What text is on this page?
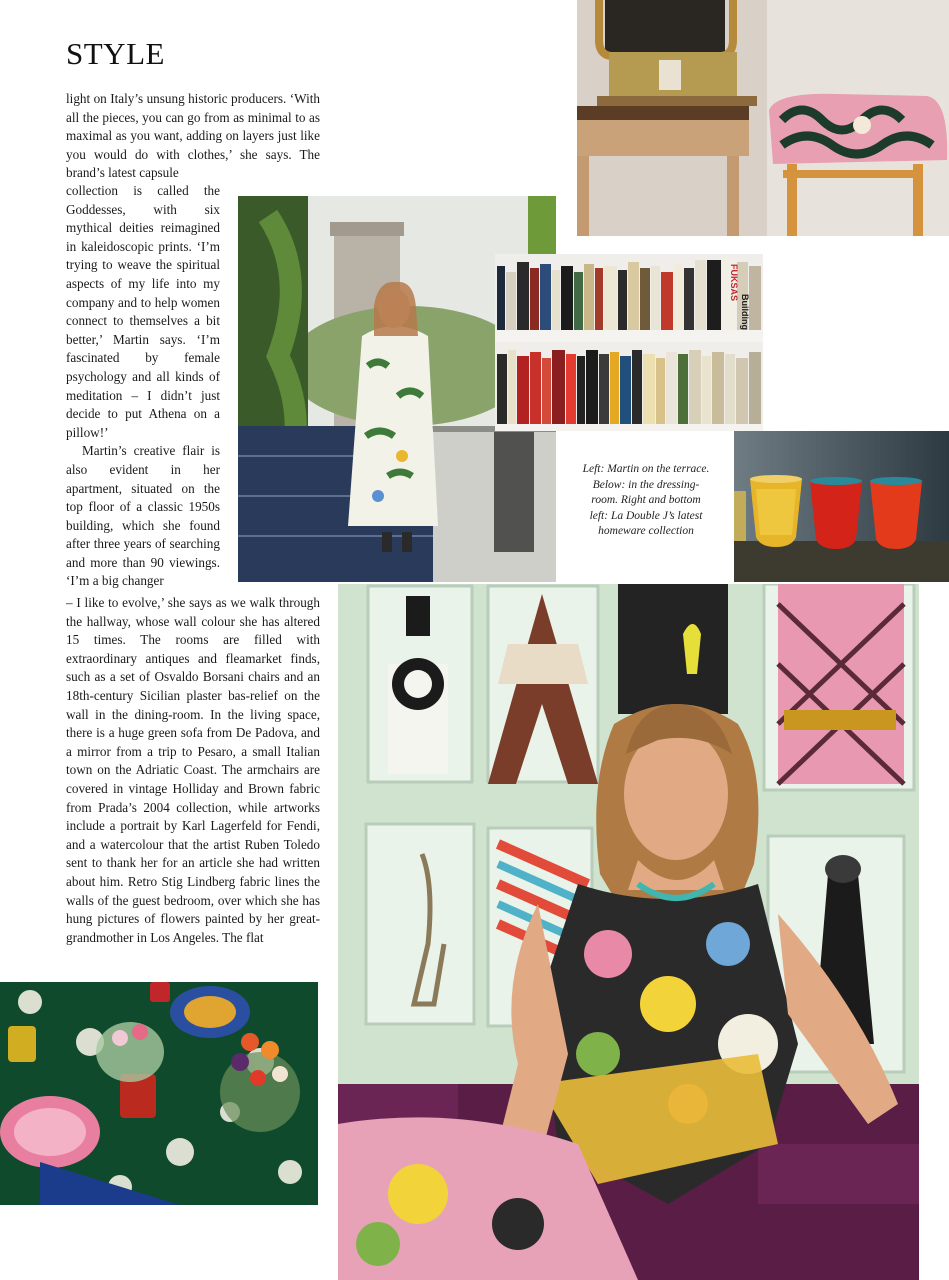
STYLE

light on Italy’s unsung historic producers. ‘With all the pieces, you can go from as minimal to as maximal as you want, adding on layers just like you would do with clothes,’ she says. The brand’s latest capsule

collection is called the Goddesses, with six mythical deities reimagined in kaleidoscopic prints. ‘I’m trying to weave the spiritual aspects of my life into my company and to help women connect to themselves a bit better,’ Martin says. ‘I’m fascinated by female psychology and all kinds of meditation – I didn’t just decide to put Athena on a pillow!’

Martin’s creative flair is also evident in her apartment, situated on the top floor of a classic 1950s building, which she found after three years of searching and more than 90 viewings. ‘I’m a big changer

– I like to evolve,’ she says as we walk through the hallway, whose wall colour she has altered 15 times. The rooms are filled with extraordinary antiques and fleamarket finds, such as a set of Osvaldo Borsani chairs and an 18th-century Sicilian plaster bas-relief on the wall in the dining-room. In the living space, there is a huge green sofa from De Padova, and a mirror from a trip to Pesaro, a small Italian town on the Adriatic Coast. The armchairs are covered in vintage Holliday and Brown fabric from Prada’s 2004 collection, while artworks include a portrait by Karl Lagerfeld for Fendi, and a watercolour that the artist Ruben Toledo sent to thank her for an article she had written about him. Retro Stig Lindberg fabric lines the walls of the guest bedroom, over which she has hung pictures of flowers painted by her great-grandmother in Los Angeles. The flat

FUKSAS
Building
Left: Martin on the terrace. Below: in the dressing-room. Right and bottom left: La Double J’s latest homeware collection
